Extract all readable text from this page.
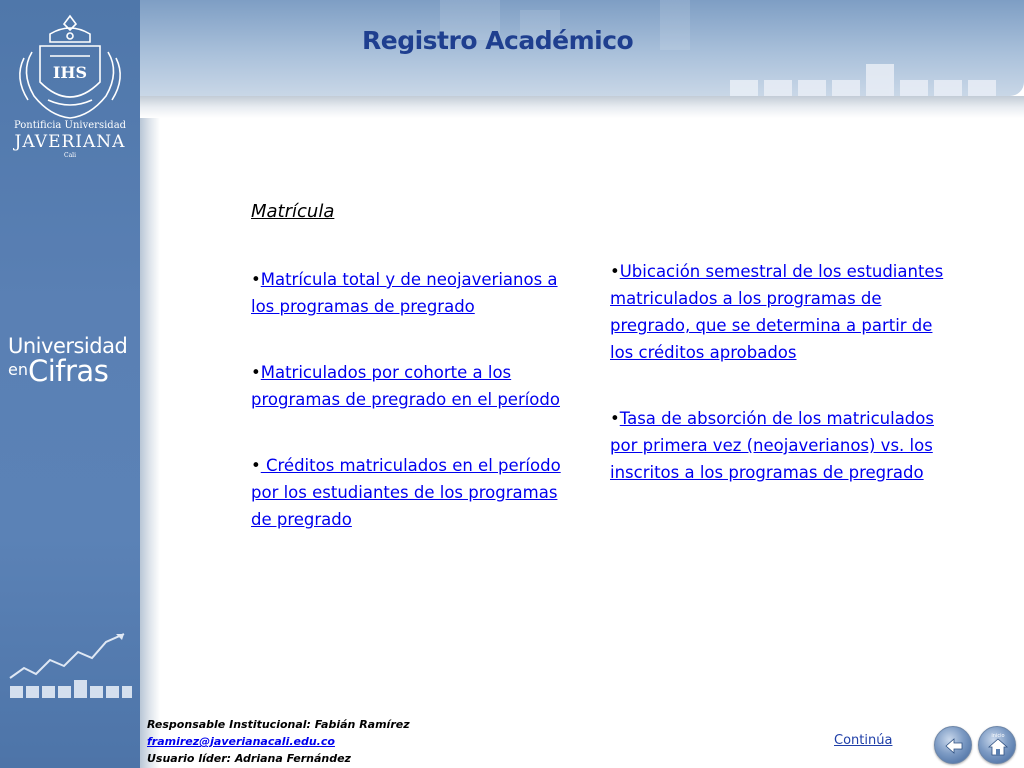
IHS
Pontificia Universidad
JAVERIANA
Cali
Universidad
enCifras
Registro Académico
Matrícula
•Matrícula total y de neojaverianos a los programas de pregrado
•Matriculados por cohorte a los programas de pregrado en el período
• Créditos matriculados en el período por los estudiantes de los programas de pregrado
•Ubicación semestral de los estudiantes matriculados a los programas de pregrado, que se determina a partir de los créditos aprobados
•Tasa de absorción de los matriculados por primera vez (neojaverianos) vs. los inscritos a los programas de pregrado
Responsable Institucional: Fabián Ramírez
framirez@javerianacali.edu.co
Usuario líder: Adriana Fernández
Continúa	inicio
